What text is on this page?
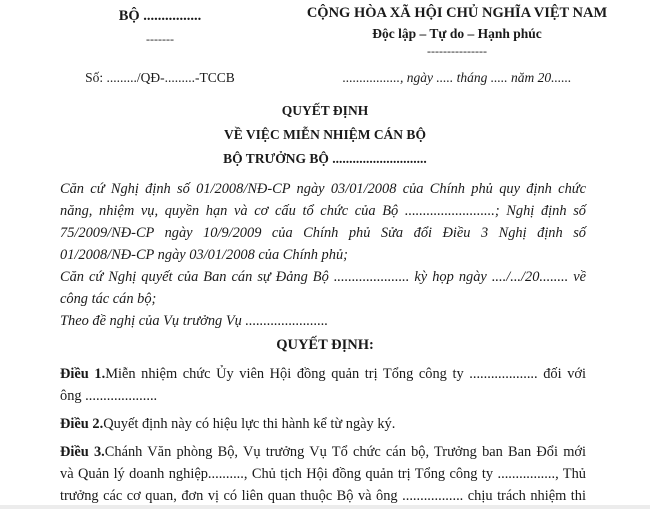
BỘ ................
-------
CỘNG HÒA XÃ HỘI CHỦ NGHĨA VIỆT NAM
Độc lập – Tự do – Hạnh phúc
---------------
Số: ........./QĐ-.........-TCCB	................., ngày ..... tháng ..... năm 20......
QUYẾT ĐỊNH
VỀ VIỆC MIỄN NHIỆM CÁN BỘ
BỘ TRƯỞNG BỘ ............................
Căn cứ Nghị định số 01/2008/NĐ-CP ngày 03/01/2008 của Chính phủ quy định chức
năng, nhiệm vụ, quyền hạn và cơ cấu tổ chức của Bộ .........................; Nghị định số
75/2009/NĐ-CP ngày 10/9/2009 của Chính phủ Sửa đổi Điều 3 Nghị định số
01/2008/NĐ-CP ngày 03/01/2008 của Chính phủ;
Căn cứ Nghị quyết của Ban cán sự Đảng Bộ ..................... kỳ họp ngày ..../.../20........ về
công tác cán bộ;
Theo đề nghị của Vụ trưởng Vụ .......................
QUYẾT ĐỊNH:
Điều 1.Miễn nhiệm chức Ủy viên Hội đồng quản trị Tổng công ty ................... đối với
ông ....................
Điều 2.Quyết định này có hiệu lực thi hành kể từ ngày ký.
Điều 3.Chánh Văn phòng Bộ, Vụ trưởng Vụ Tổ chức cán bộ, Trưởng ban Ban Đổi mới
và Quản lý doanh nghiệp.........., Chủ tịch Hội đồng quản trị Tổng công ty ................, Thủ
trưởng các cơ quan, đơn vị có liên quan thuộc Bộ và ông ................. chịu trách nhiệm thi
